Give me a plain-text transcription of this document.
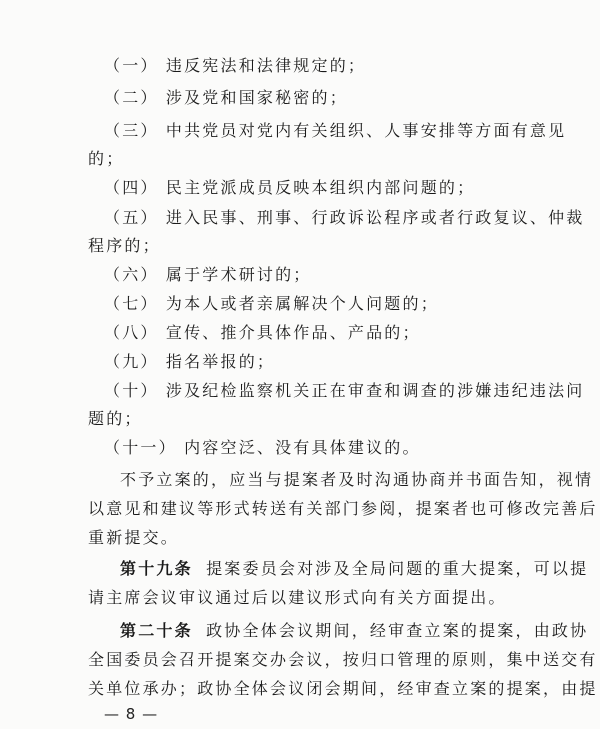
（一） 违反宪法和法律规定的；
（二） 涉及党和国家秘密的；
（三） 中共党员对党内有关组织、人事安排等方面有意见
的；
（四） 民主党派成员反映本组织内部问题的；
（五） 进入民事、刑事、行政诉讼程序或者行政复议、仲裁
程序的；
（六） 属于学术研讨的；
（七） 为本人或者亲属解决个人问题的；
（八） 宣传、推介具体作品、产品的；
（九） 指名举报的；
（十） 涉及纪检监察机关正在审查和调查的涉嫌违纪违法问
题的；
（十一） 内容空泛、没有具体建议的。
不予立案的，应当与提案者及时沟通协商并书面告知，视情
以意见和建议等形式转送有关部门参阅，提案者也可修改完善后
重新提交。
第十九条 提案委员会对涉及全局问题的重大提案，可以提
请主席会议审议通过后以建议形式向有关方面提出。
第二十条 政协全体会议期间，经审查立案的提案，由政协
全国委员会召开提案交办会议，按归口管理的原则，集中送交有
关单位承办；政协全体会议闭会期间，经审查立案的提案，由提
— 8 —
